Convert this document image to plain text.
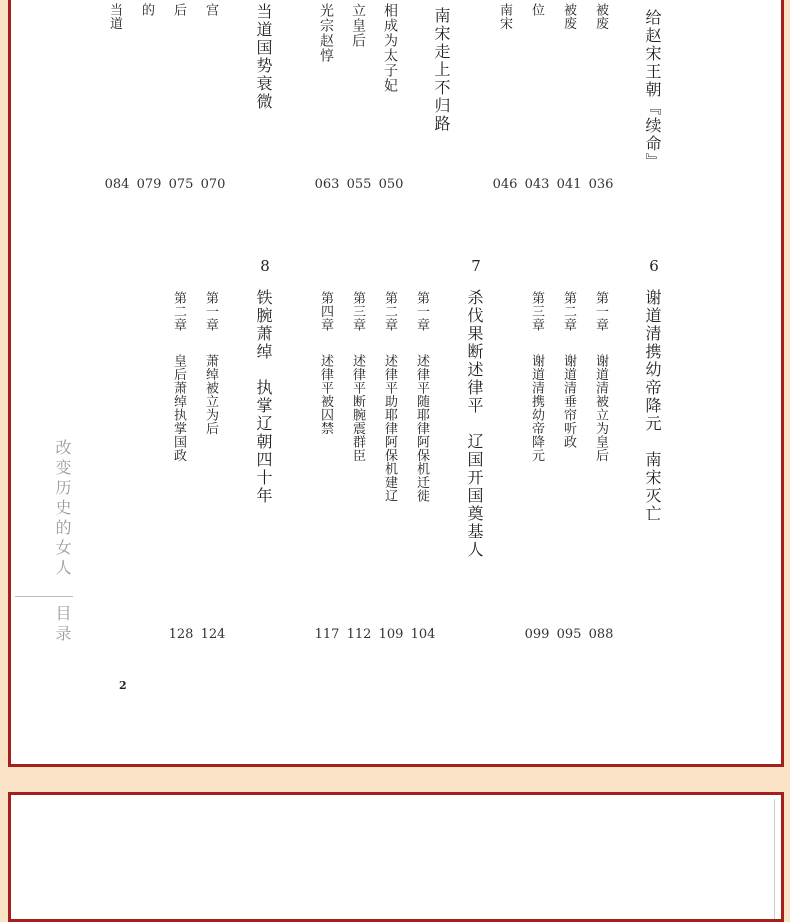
给赵宋王朝『续命』
被废
036
被废
041
位
043
南宋
046
南宋走上不归路
相成为太子妃
050
立皇后
055
光宗赵惇
063
当道国势衰微
宫
070
后
075
的
079
当道
084
6
谢道清携幼帝降元　南宋灭亡
第一章
谢道清被立为皇后
088
第二章
谢道清垂帘听政
095
第三章
谢道清携幼帝降元
099
7
杀伐果断述律平　辽国开国奠基人
第一章
述律平随耶律阿保机迁徙
104
第二章
述律平助耶律阿保机建辽
109
第三章
述律平断腕震群臣
112
第四章
述律平被囚禁
117
8
铁腕萧绰　执掌辽朝四十年
第一章
萧绰被立为后
124
第二章
皇后萧绰执掌国政
128
改变历史的女人
目录
2
